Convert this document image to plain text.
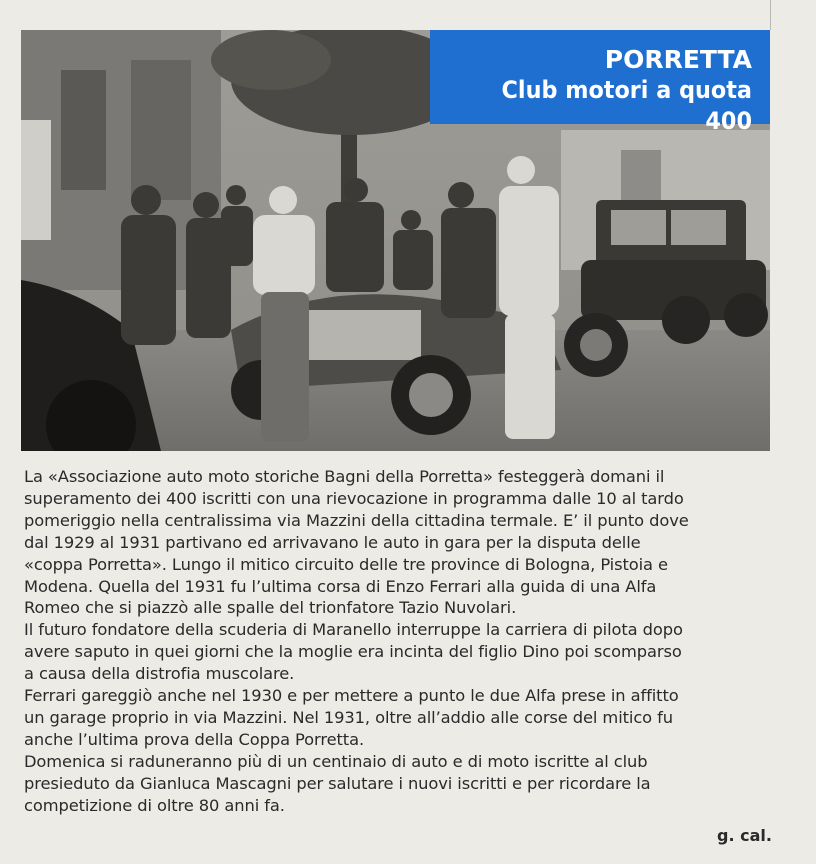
PORRETTA
Club motori a quota 400

La «Associazione auto moto storiche Bagni della Porretta» festeggerà domani il
superamento dei 400 iscritti con una rievocazione in programma dalle 10 al tardo
pomeriggio nella centralissima via Mazzini della cittadina termale. E’ il punto dove
dal 1929 al 1931 partivano ed arrivavano le auto in gara per la disputa delle
«coppa Porretta». Lungo il mitico circuito delle tre province di Bologna, Pistoia e
Modena. Quella del 1931 fu l’ultima corsa di Enzo Ferrari alla guida di una Alfa
Romeo che si piazzò alle spalle del trionfatore Tazio Nuvolari.

Il futuro fondatore della scuderia di Maranello interruppe la carriera di pilota dopo
avere saputo in quei giorni che la moglie era incinta del figlio Dino poi scomparso
a causa della distrofia muscolare.

Ferrari gareggiò anche nel 1930 e per mettere a punto le due Alfa prese in affitto
un garage proprio in via Mazzini. Nel 1931, oltre all’addio alle corse del mitico fu
anche l’ultima prova della Coppa Porretta.

Domenica si raduneranno più di un centinaio di auto e di moto iscritte al club
presieduto da Gianluca Mascagni per salutare i nuovi iscritti e per ricordare la
competizione di oltre 80 anni fa.

g. cal.
